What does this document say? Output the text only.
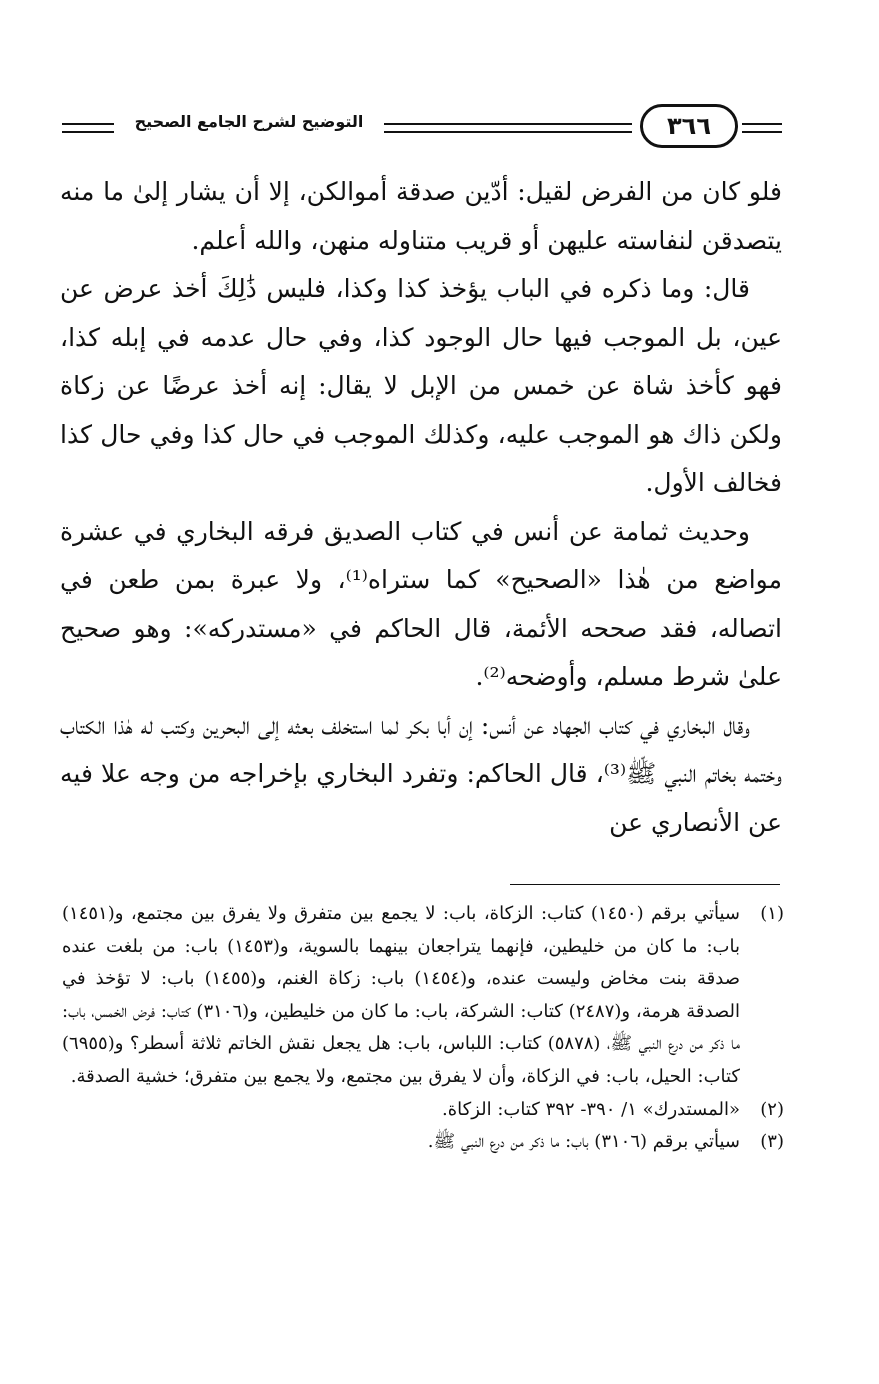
التوضيح لشرح الجامع الصحيح	٣٦٦

فلو كان من الفرض لقيل: أدّين صدقة أموالكن، إلا أن يشار إلىٰ ما منه يتصدقن لنفاسته عليهن أو قريب متناوله منهن، والله أعلم.

قال: وما ذكره في الباب يؤخذ كذا وكذا، فليس ذَٰلِكَ أخذ عرض عن عين، بل الموجب فيها حال الوجود كذا، وفي حال عدمه في إبله كذا، فهو كأخذ شاة عن خمس من الإبل لا يقال: إنه أخذ عرضًا عن زكاة ولكن ذاك هو الموجب عليه، وكذلك الموجب في حال كذا وفي حال كذا فخالف الأول.

وحديث ثمامة عن أنس في كتاب الصديق فرقه البخاري في عشرة مواضع من هٰذا «الصحيح» كما ستراه⁽¹⁾، ولا عبرة بمن طعن في اتصاله، فقد صححه الأئمة، قال الحاكم في «مستدركه»: وهو صحيح علىٰ شرط مسلم، وأوضحه⁽²⁾.

وقال البخاري في كتاب الجهاد عن أنس: إن أبا بكر لما استخلف بعثه إلى البحرين وكتب له هٰذا الكتاب وختمه بخاتم النبي ﷺ⁽³⁾، قال الحاكم: وتفرد البخاري بإخراجه من وجه علا فيه عن الأنصاري عن

(١)
سيأتي برقم (١٤٥٠) كتاب: الزكاة، باب: لا يجمع بين متفرق ولا يفرق بين مجتمع، و(١٤٥١) باب: ما كان من خليطين، فإنهما يتراجعان بينهما بالسوية، و(١٤٥٣) باب: من بلغت عنده صدقة بنت مخاض وليست عنده، و(١٤٥٤) باب: زكاة الغنم، و(١٤٥٥) باب: لا تؤخذ في الصدقة هرمة، و(٢٤٨٧) كتاب: الشركة، باب: ما كان من خليطين، و(٣١٠٦) كتاب: فرض الخمس، باب: ما ذكر من درع النبي ﷺ، (٥٨٧٨) كتاب: اللباس، باب: هل يجعل نقش الخاتم ثلاثة أسطر؟ و(٦٩٥٥) كتاب: الحيل، باب: في الزكاة، وأن لا يفرق بين مجتمع، ولا يجمع بين متفرق؛ خشية الصدقة.
(٢)
«المستدرك» ١/ ٣٩٠- ٣٩٢ كتاب: الزكاة.
(٣)
سيأتي برقم (٣١٠٦) باب: ما ذكر من درع النبي ﷺ.
